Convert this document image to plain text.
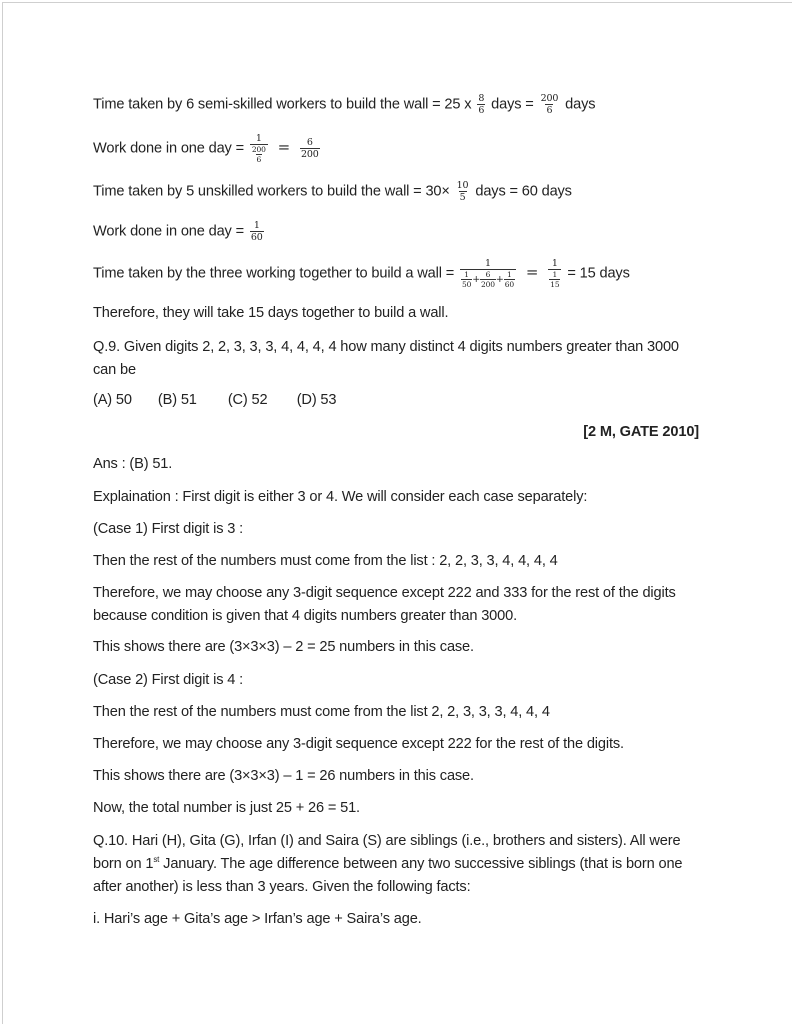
Time taken by 6 semi-skilled workers to build the wall = 25 x $\frac{8}{6}$ days = $\frac{200}{6}$ days
Work done in one day = $\frac{1}{\frac{200}{6}} = \frac{6}{200}$
Time taken by 5 unskilled workers to build the wall = $30\times \frac{10}{5}$ days = 60 days
Work done in one day = $\frac{1}{60}$
Time taken by the three working together to build a wall =
1
$\frac{1}{50} + \frac{6}{200} + \frac{1}{60} = \frac{1}{\frac{1}{15}} = 15$ days
Therefore, they will take 15 days together to build a wall.
Q.9. Given digits 2, 2, 3, 3, 3, 4, 4, 4, 4 how many distinct 4 digits numbers greater than 3000 can be
(A) 50 (B) 51 (C) 52 (D) 53
[2 M, GATE 2010]
Ans : (B) 51.
Explaination : First digit is either 3 or 4. We will consider each case separately:
(Case 1) First digit is 3 :
Then the rest of the numbers must come from the list : 2, 2, 3, 3, 4, 4, 4, 4
Therefore, we may choose any 3-digit sequence except 222 and 333 for the rest of the digits because condition is given that 4 digits numbers greater than 3000.
This shows there are (3×3×3) – 2 = 25 numbers in this case.
(Case 2) First digit is 4 :
Then the rest of the numbers must come from the list 2, 2, 3, 3, 3, 4, 4, 4
Therefore, we may choose any 3-digit sequence except 222 for the rest of the digits.
This shows there are (3×3×3) – 1 = 26 numbers in this case.
Now, the total number is just 25 + 26 = 51.
Q.10. Hari (H), Gita (G), Irfan (I) and Saira (S) are siblings (i.e., brothers and sisters). All were born on 1st January. The age difference between any two successive siblings (that is born one after another) is less than 3 years. Given the following facts:
i. Hari’s age + Gita’s age > Irfan’s age + Saira’s age.
